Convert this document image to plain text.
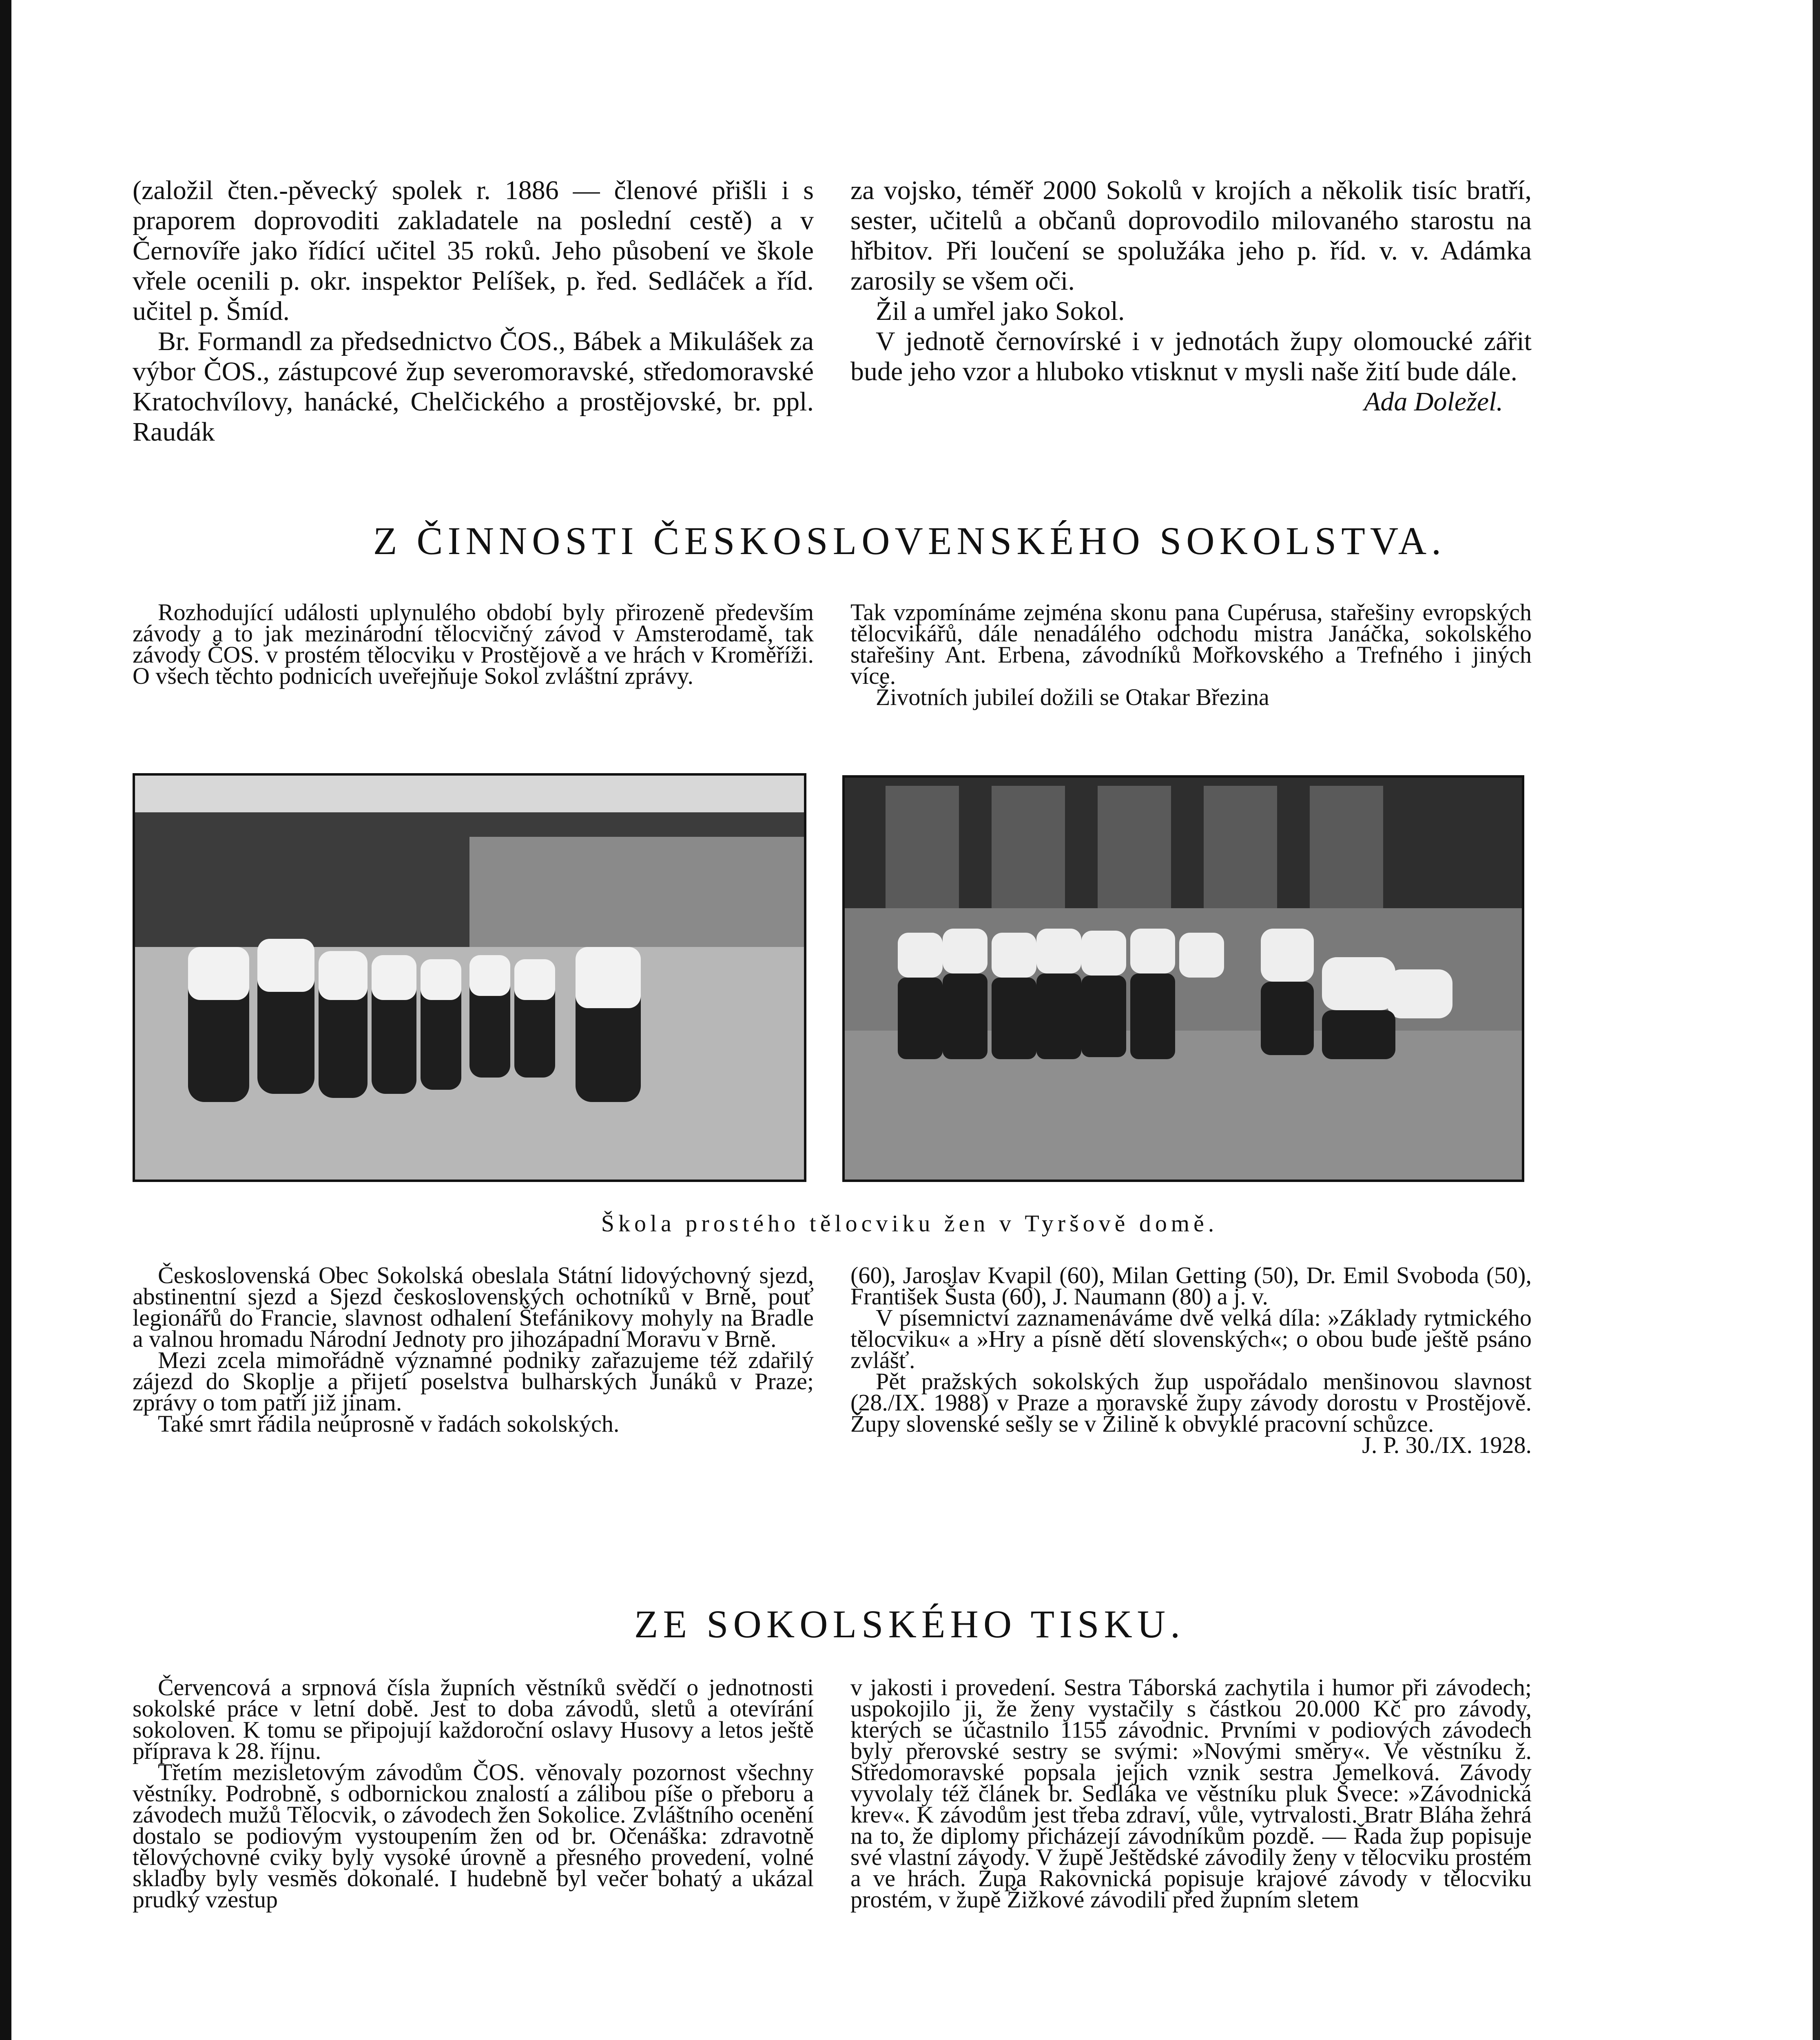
(založil čten.-pěvecký spolek r. 1886 — členové přišli i s praporem doprovoditi zakladatele na poslední cestě) a v Černovíře jako řídící učitel 35 roků. Jeho působení ve škole vřele ocenili p. okr. inspektor Pelíšek, p. řed. Sedláček a říd. učitel p. Šmíd.

Br. Formandl za předsednictvo ČOS., Bábek a Mikulášek za výbor ČOS., zástupcové žup severomoravské, středomoravské Kratochvílovy, hanácké, Chelčického a prostějovské, br. ppl. Raudák

za vojsko, téměř 2000 Sokolů v krojích a několik tisíc bratří, sester, učitelů a občanů doprovodilo milovaného starostu na hřbitov. Při loučení se spolužáka jeho p. říd. v. v. Adámka zarosily se všem oči.

Žil a umřel jako Sokol.

V jednotě černovírské i v jednotách župy olomoucké zářit bude jeho vzor a hluboko vtisknut v mysli naše žití bude dále.

Ada Doležel.

Z ČINNOSTI ČESKOSLOVENSKÉHO SOKOLSTVA.

Rozhodující události uplynulého období byly přirozeně především závody a to jak mezinárodní tělocvičný závod v Amsterodamě, tak závody ČOS. v prostém tělocviku v Prostějově a ve hrách v Kroměříži. O všech těchto podnicích uveřejňuje Sokol zvláštní zprávy.

Tak vzpomínáme zejména skonu pana Cupérusa, stařešiny evropských tělocvikářů, dále nenadálého odchodu mistra Janáčka, sokolského stařešiny Ant. Erbena, závodníků Mořkovského a Trefného i jiných více.

Životních jubileí dožili se Otakar Březina

Škola prostého tělocviku žen v Tyršově domě.

Československá Obec Sokolská obeslala Státní lidovýchovný sjezd, abstinentní sjezd a Sjezd československých ochotníků v Brně, pouť legionářů do Francie, slavnost odhalení Štefánikovy mohyly na Bradle a valnou hromadu Národní Jednoty pro jihozápadní Moravu v Brně.

Mezi zcela mimořádně významné podniky zařazujeme též zdařilý zájezd do Skoplje a přijetí poselstva bulharských Junáků v Praze; zprávy o tom patří již jinam.

Také smrt řádila neúprosně v řadách sokolských.

(60), Jaroslav Kvapil (60), Milan Getting (50), Dr. Emil Svoboda (50), František Šusta (60), J. Naumann (80) a j. v.

V písemnictví zaznamenáváme dvě velká díla: »Základy rytmického tělocviku« a »Hry a písně dětí slovenských«; o obou bude ještě psáno zvlášť.

Pět pražských sokolských žup uspořádalo menšinovou slavnost (28./IX. 1988) v Praze a moravské župy závody dorostu v Prostějově. Župy slovenské sešly se v Žilině k obvyklé pracovní schůzce.

J. P. 30./IX. 1928.

ZE SOKOLSKÉHO TISKU.

Červencová a srpnová čísla župních věstníků svědčí o jednotnosti sokolské práce v letní době. Jest to doba závodů, sletů a otevírání sokoloven. K tomu se připojují každoroční oslavy Husovy a letos ještě příprava k 28. říjnu.

Třetím mezisletovým závodům ČOS. věnovaly pozornost všechny věstníky. Podrobně, s odbornickou znalostí a zálibou píše o přeboru a závodech mužů Tělocvik, o závodech žen Sokolice. Zvláštního ocenění dostalo se podiovým vystoupením žen od br. Očenáška: zdravotně tělovýchovné cviky byly vysoké úrovně a přesného provedení, volné skladby byly vesměs dokonalé. I hudebně byl večer bohatý a ukázal prudký vzestup

v jakosti i provedení. Sestra Táborská zachytila i humor při závodech; uspokojilo ji, že ženy vystačily s částkou 20.000 Kč pro závody, kterých se účastnilo 1155 závodnic. Prvními v podiových závodech byly přerovské sestry se svými: »Novými směry«. Ve věstníku ž. Středomoravské popsala jejich vznik sestra Jemelková. Závody vyvolaly též článek br. Sedláka ve věstníku pluk Švece: »Závodnická krev«. K závodům jest třeba zdraví, vůle, vytrvalosti. Bratr Bláha žehrá na to, že diplomy přicházejí závodníkům pozdě. — Řada žup popisuje své vlastní závody. V župě Ještědské závodily ženy v tělocviku prostém a ve hrách. Župa Rakovnická popisuje krajové závody v tělocviku prostém, v župě Žižkové závodili před župním sletem
